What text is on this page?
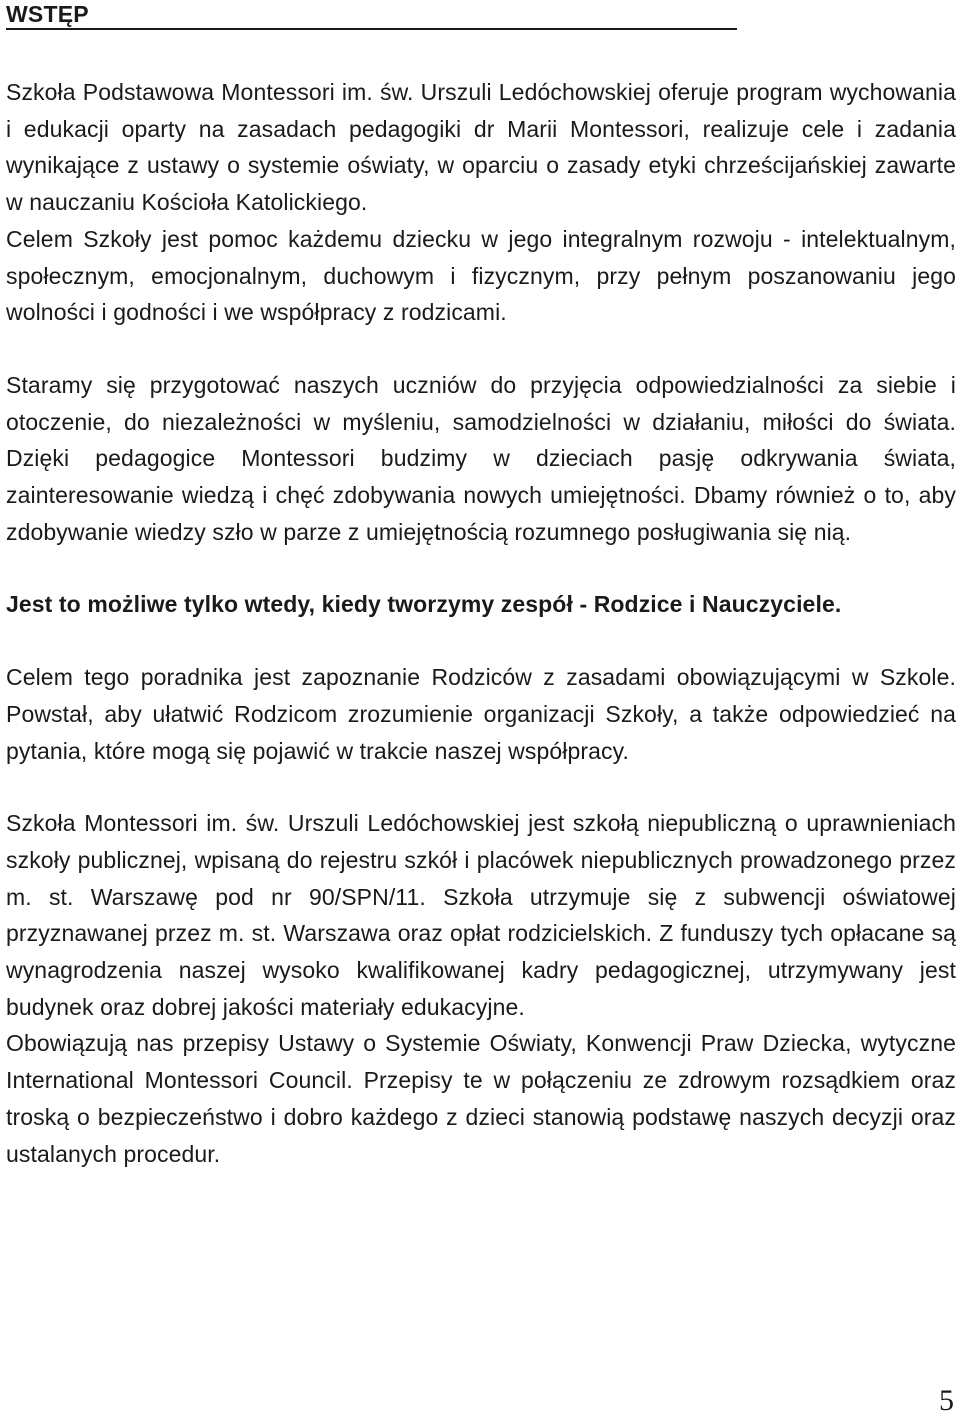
WSTĘP

Szkoła Podstawowa Montessori im. św. Urszuli Ledóchowskiej oferuje program wychowania i edukacji oparty na zasadach pedagogiki dr Marii Montessori, realizuje cele i zadania wynikające z ustawy o systemie oświaty, w oparciu o zasady etyki chrześcijańskiej zawarte w nauczaniu Kościoła Katolickiego.

Celem Szkoły jest pomoc każdemu dziecku w jego integralnym rozwoju - intelektualnym, społecznym, emocjonalnym, duchowym i fizycznym, przy pełnym poszanowaniu jego wolności i godności i we współpracy z rodzicami.

Staramy się przygotować naszych uczniów do przyjęcia odpowiedzialności za siebie i otoczenie, do niezależności w myśleniu, samodzielności w działaniu, miłości do świata. Dzięki pedagogice Montessori budzimy w dzieciach pasję odkrywania świata, zainteresowanie wiedzą i chęć zdobywania nowych umiejętności. Dbamy również o to, aby zdobywanie wiedzy szło w parze z umiejętnością rozumnego posługiwania się nią.

Jest to możliwe tylko wtedy, kiedy tworzymy zespół - Rodzice i Nauczyciele.

Celem tego poradnika jest zapoznanie Rodziców z zasadami obowiązującymi w Szkole. Powstał, aby ułatwić Rodzicom zrozumienie organizacji Szkoły, a także odpowiedzieć na pytania, które mogą się pojawić w trakcie naszej współpracy.

Szkoła Montessori im. św. Urszuli Ledóchowskiej jest szkołą niepubliczną o uprawnieniach szkoły publicznej, wpisaną do rejestru szkół i placówek niepublicznych prowadzonego przez m. st. Warszawę pod nr 90/SPN/11. Szkoła utrzymuje się z subwencji oświatowej przyznawanej przez m. st. Warszawa oraz opłat rodzicielskich. Z funduszy tych opłacane są wynagrodzenia naszej wysoko kwalifikowanej kadry pedagogicznej, utrzymywany jest budynek oraz dobrej jakości materiały edukacyjne.

Obowiązują nas przepisy Ustawy o Systemie Oświaty, Konwencji Praw Dziecka, wytyczne International Montessori Council. Przepisy te w połączeniu ze zdrowym rozsądkiem oraz troską o bezpieczeństwo i dobro każdego z dzieci stanowią podstawę naszych decyzji oraz ustalanych procedur.

5
